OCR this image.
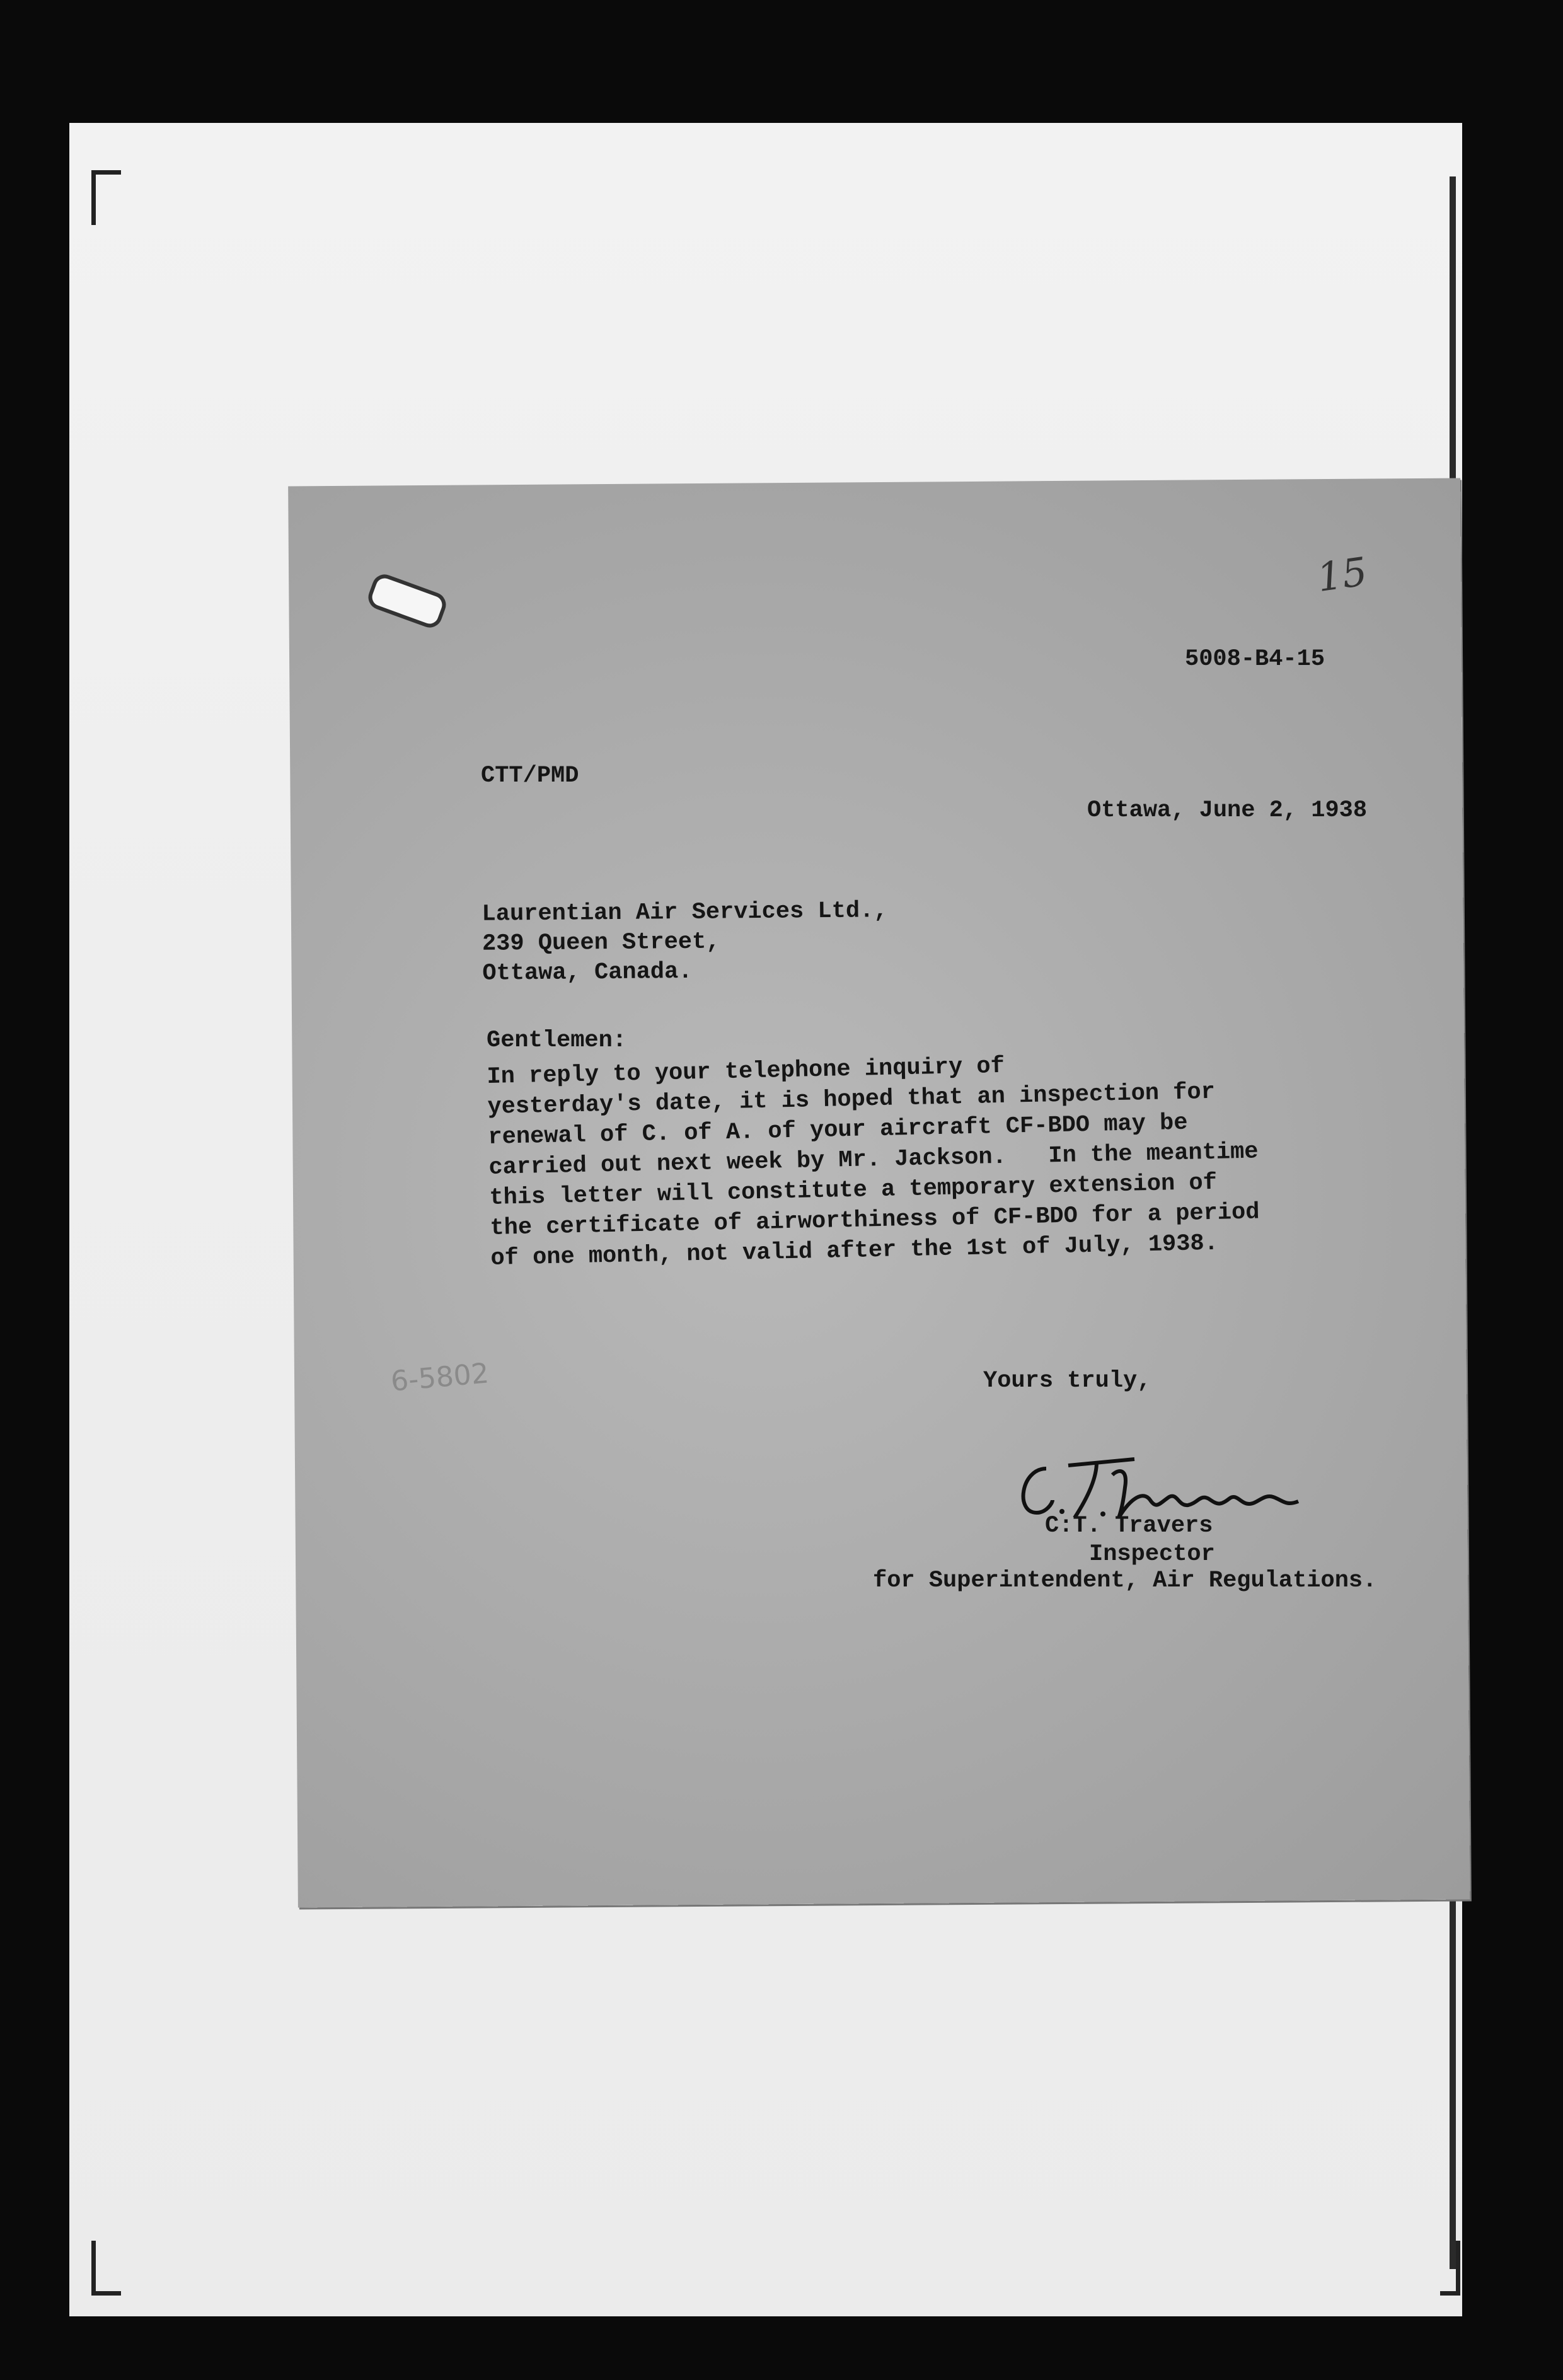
15

5008-B4-15

CTT/PMD

Ottawa, June 2, 1938

Laurentian Air Services Ltd.,
239 Queen Street,
Ottawa, Canada.

Gentlemen:

In reply to your telephone inquiry of
yesterday's date, it is hoped that an inspection for
renewal of C. of A. of your aircraft CF-BDO may be
carried out next week by Mr. Jackson.   In the meantime
this letter will constitute a temporary extension of
the certificate of airworthiness of CF-BDO for a period
of one month, not valid after the 1st of July, 1938.

6-5802	Yours truly,

C:T. Travers

Inspector

for Superintendent, Air Regulations.
